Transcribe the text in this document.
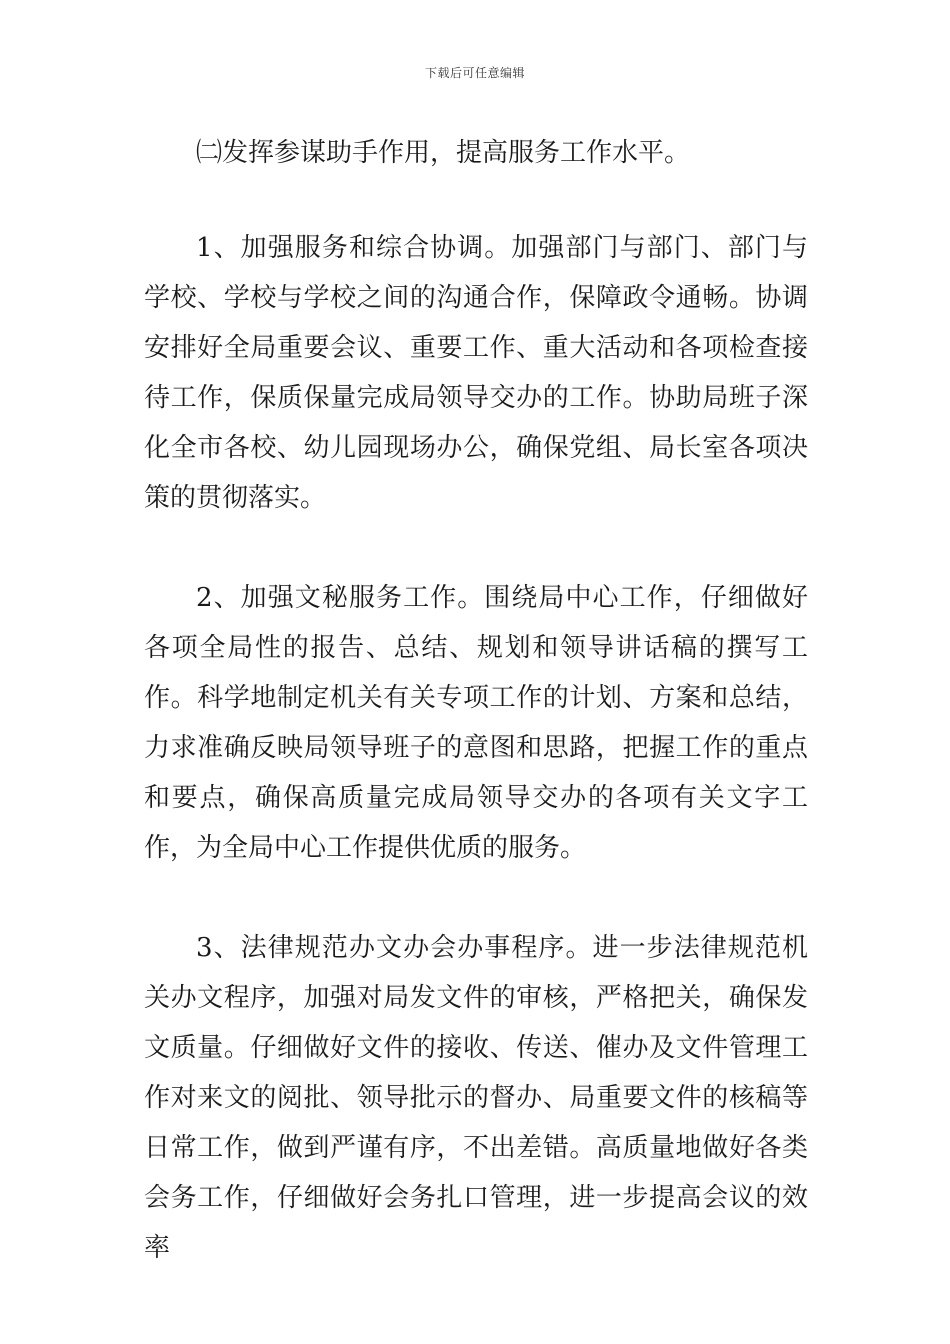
下载后可任意编辑
㈡发挥参谋助手作用，提高服务工作水平。
1、加强服务和综合协调。加强部门与部门、部门与学校、学校与学校之间的沟通合作，保障政令通畅。协调安排好全局重要会议、重要工作、重大活动和各项检查接待工作，保质保量完成局领导交办的工作。协助局班子深化全市各校、幼儿园现场办公，确保党组、局长室各项决策的贯彻落实。
2、加强文秘服务工作。围绕局中心工作，仔细做好各项全局性的报告、总结、规划和领导讲话稿的撰写工作。科学地制定机关有关专项工作的计划、方案和总结，力求准确反映局领导班子的意图和思路，把握工作的重点和要点，确保高质量完成局领导交办的各项有关文字工作，为全局中心工作提供优质的服务。
3、法律规范办文办会办事程序。进一步法律规范机关办文程序，加强对局发文件的审核，严格把关，确保发文质量。仔细做好文件的接收、传送、催办及文件管理工作对来文的阅批、领导批示的督办、局重要文件的核稿等日常工作，做到严谨有序，不出差错。高质量地做好各类会务工作，仔细做好会务扎口管理，进一步提高会议的效率
